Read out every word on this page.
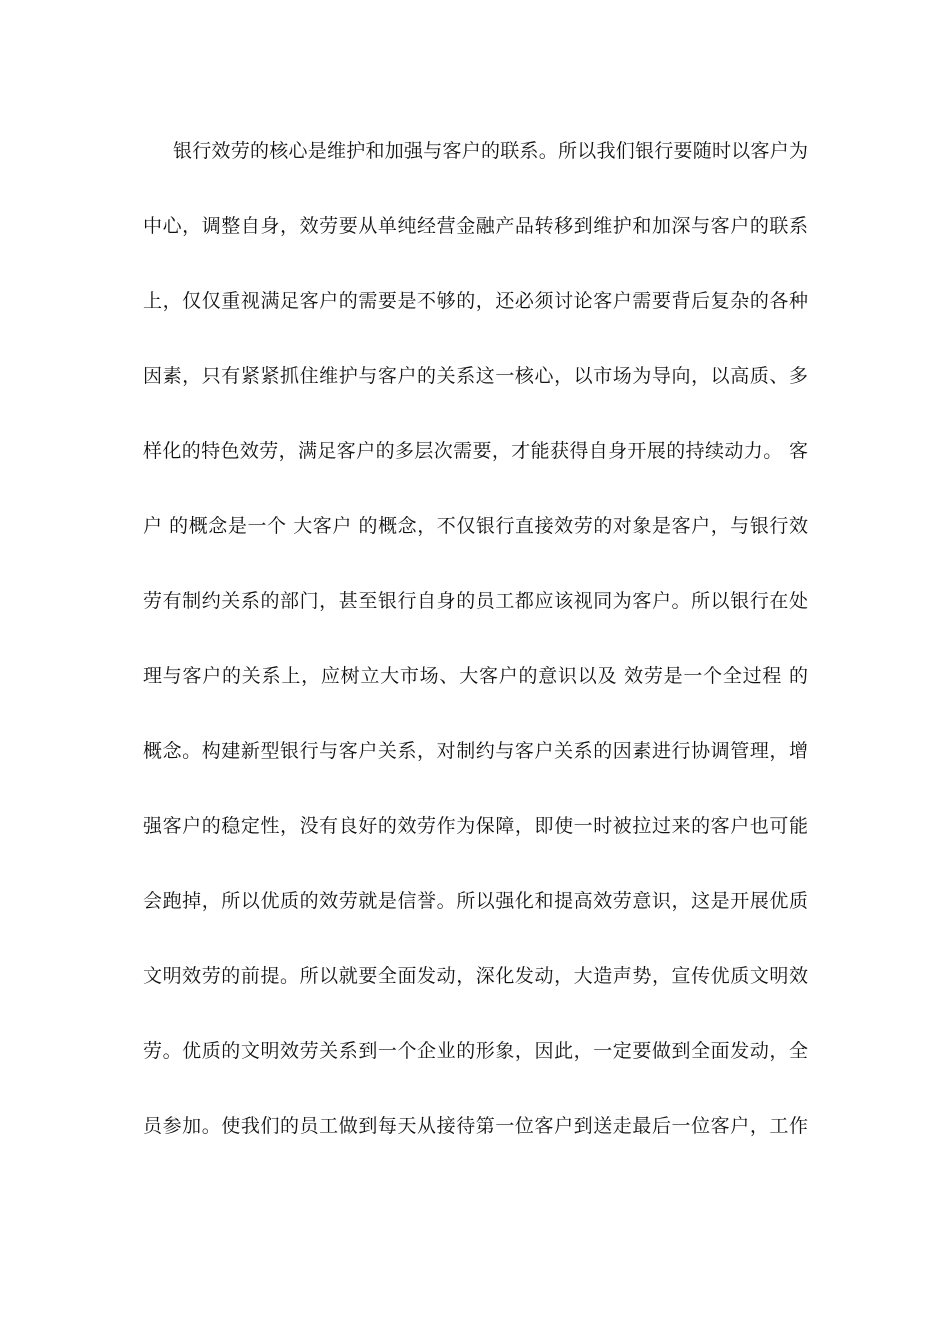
银行效劳的核心是维护和加强与客户的联系。所以我们银行要随时以客户为
中心，调整自身，效劳要从单纯经营金融产品转移到维护和加深与客户的联系
上，仅仅重视满足客户的需要是不够的，还必须讨论客户需要背后复杂的各种
因素，只有紧紧抓住维护与客户的关系这一核心，以市场为导向，以高质、多
样化的特色效劳，满足客户的多层次需要，才能获得自身开展的持续动力。 客
户 的概念是一个 大客户 的概念，不仅银行直接效劳的对象是客户，与银行效
劳有制约关系的部门，甚至银行自身的员工都应该视同为客户。所以银行在处
理与客户的关系上，应树立大市场、大客户的意识以及 效劳是一个全过程 的
概念。构建新型银行与客户关系，对制约与客户关系的因素进行协调管理，增
强客户的稳定性，没有良好的效劳作为保障，即使一时被拉过来的客户也可能
会跑掉，所以优质的效劳就是信誉。所以强化和提高效劳意识，这是开展优质
文明效劳的前提。所以就要全面发动，深化发动，大造声势，宣传优质文明效
劳。优质的文明效劳关系到一个企业的形象，因此，一定要做到全面发动，全
员参加。使我们的员工做到每天从接待第一位客户到送走最后一位客户，工作
